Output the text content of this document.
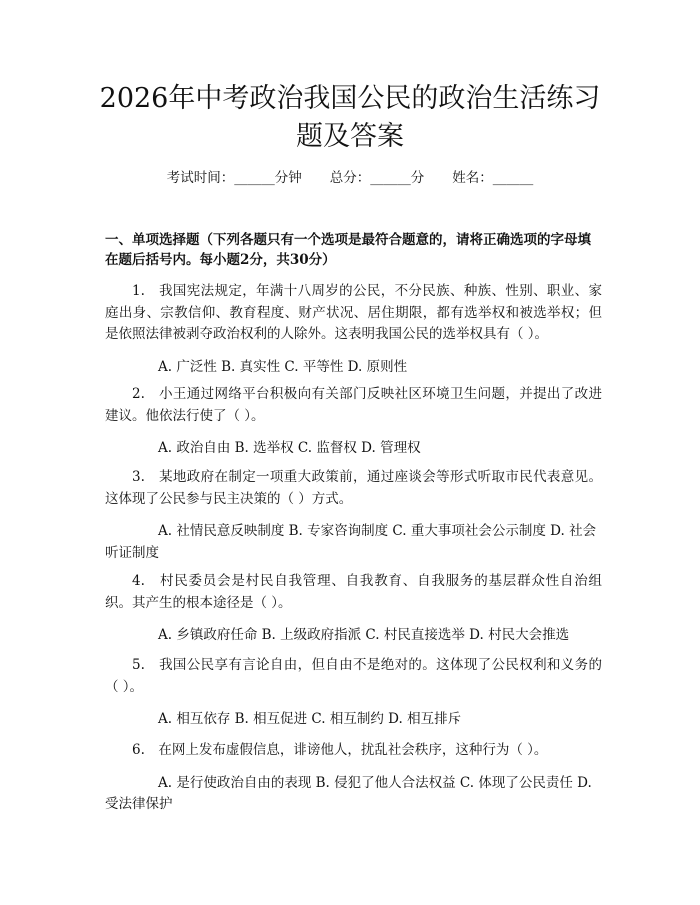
2026年中考政治我国公民的政治生活练习题及答案
考试时间：______分钟 总分：______分 姓名：______

一、单项选择题（下列各题只有一个选项是最符合题意的，请将正确选项的字母填在题后括号内。每小题2分，共30分）

1.　我国宪法规定，年满十八周岁的公民，不分民族、种族、性别、职业、家庭出身、宗教信仰、教育程度、财产状况、居住期限，都有选举权和被选举权；但是依照法律被剥夺政治权利的人除外。这表明我国公民的选举权具有（ ）。

A. 广泛性 B. 真实性 C. 平等性 D. 原则性

2.　小王通过网络平台积极向有关部门反映社区环境卫生问题，并提出了改进建议。他依法行使了（ ）。

A. 政治自由 B. 选举权 C. 监督权 D. 管理权

3.　某地政府在制定一项重大政策前，通过座谈会等形式听取市民代表意见。这体现了公民参与民主决策的（ ）方式。

A. 社情民意反映制度 B. 专家咨询制度 C. 重大事项社会公示制度 D. 社会听证制度

4.　村民委员会是村民自我管理、自我教育、自我服务的基层群众性自治组织。其产生的根本途径是（ ）。

A. 乡镇政府任命 B. 上级政府指派 C. 村民直接选举 D. 村民大会推选

5.　我国公民享有言论自由，但自由不是绝对的。这体现了公民权利和义务的（ ）。

A. 相互依存 B. 相互促进 C. 相互制约 D. 相互排斥

6.　在网上发布虚假信息，诽谤他人，扰乱社会秩序，这种行为（ ）。

A. 是行使政治自由的表现 B. 侵犯了他人合法权益 C. 体现了公民责任 D. 受法律保护
